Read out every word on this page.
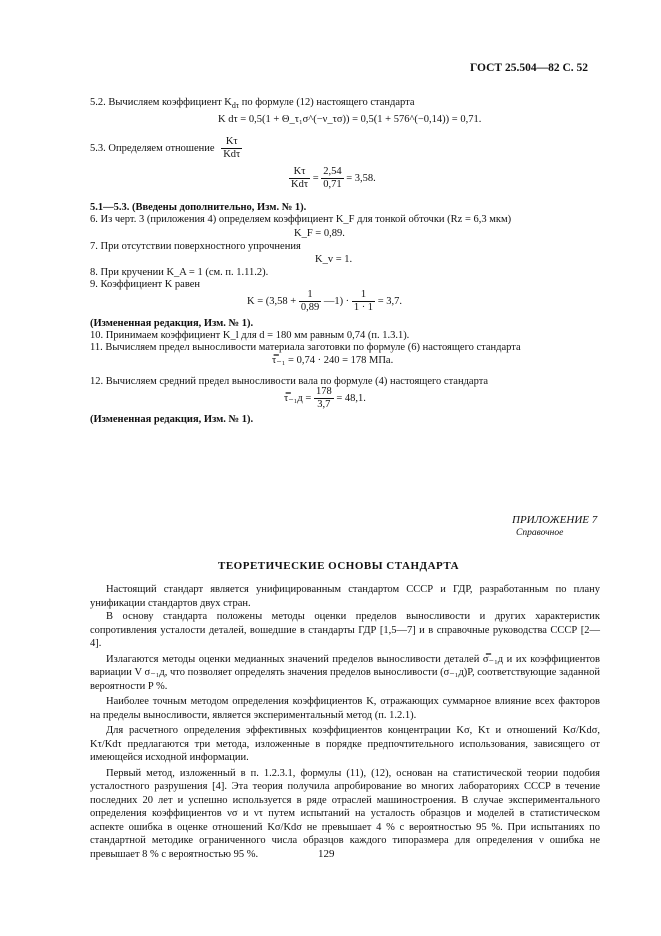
ГОСТ 25.504—82 С. 52
5.2. Вычисляем коэффициент $K_{d\tau}$ по формуле (12) настоящего стандарта
K dτ = 0,5(1 + Θ_τ₁σ^(−ν_τσ)) = 0,5(1 + 576^(−0,14)) = 0,71.
5.3. Определяем отношение $\frac{K\tau}{\text{Kdτ}}$
$\frac{K\tau}{\text{Kdτ}} = \frac{2,54}{0,71} = 3,58$.
5.1—5.3. (Введены дополнительно, Изм. № 1).
6. Из черт. 3 (приложения 4) определяем коэффициент K_F для тонкой обточки (Rz = 6,3 мкм)
K_F = 0,89.
7. При отсутствии поверхностного упрочнения
K_v = 1.
8. При кручении K_A = 1 (см. п. 1.11.2).
9. Коэффициент K равен
$K = (3,58 + \frac{1}{0,89}$ —1) · $\frac{1}{1 \cdot 1} = 3,7$.
(Измененная редакция, Изм. № 1).
10. Принимаем коэффициент K_l для d = 180 мм равным 0,74 (п. 1.3.1).
11. Вычисляем предел выносливости материала заготовки по формуле (6) настоящего стандарта
τ̿₋₁ = 0,74 · 240 = 178 МПа.
12. Вычисляем средний предел выносливости вала по формуле (4) настоящего стандарта
τ̿₋₁д = $\frac{178}{3,7} = 48,1$.
(Измененная редакция, Изм. № 1).
ПРИЛОЖЕНИЕ 7
Справочное
ТЕОРЕТИЧЕСКИЕ ОСНОВЫ СТАНДАРТА

Настоящий стандарт является унифицированным стандартом СССР и ГДР, разработанным по плану унификации стандартов двух стран.

В основу стандарта положены методы оценки пределов выносливости и других характеристик сопротивления усталости деталей, вошедшие в стандарты ГДР [1,5—7] и в справочные руководства СССР [2—4].

Излагаются методы оценки медианных значений пределов выносливости деталей σ̿₋₁д и их коэффициентов вариации V σ₋₁д, что позволяет определять значения пределов выносливости (σ₋₁д)P, соответствующие заданной вероятности P %.

Наиболее точным методом определения коэффициентов K, отражающих суммарное влияние всех факторов на пределы выносливости, является экспериментальный метод (п. 1.2.1).

Для расчетного определения эффективных коэффициентов концентрации Kσ, Kτ и отношений Kσ/Kdσ, Kτ/Kdτ предлагаются три метода, изложенные в порядке предпочтительного использования, зависящего от имеющейся исходной информации.

Первый метод, изложенный в п. 1.2.3.1, формулы (11), (12), основан на статистической теории подобия усталостного разрушения [4]. Эта теория получила апробирование во многих лабораториях СССР в течение последних 20 лет и успешно используется в ряде отраслей машиностроения. В случае экспериментального определения коэффициентов νσ и ντ путем испытаний на усталость образцов и моделей в статистическом аспекте ошибка в оценке отношений Kσ/Kdσ не превышает 4 % с вероятностью 95 %. При испытаниях по стандартной методике ограниченного числа образцов каждого типоразмера для определения ν ошибка не превышает 8 % с вероятностью 95 %.	129
